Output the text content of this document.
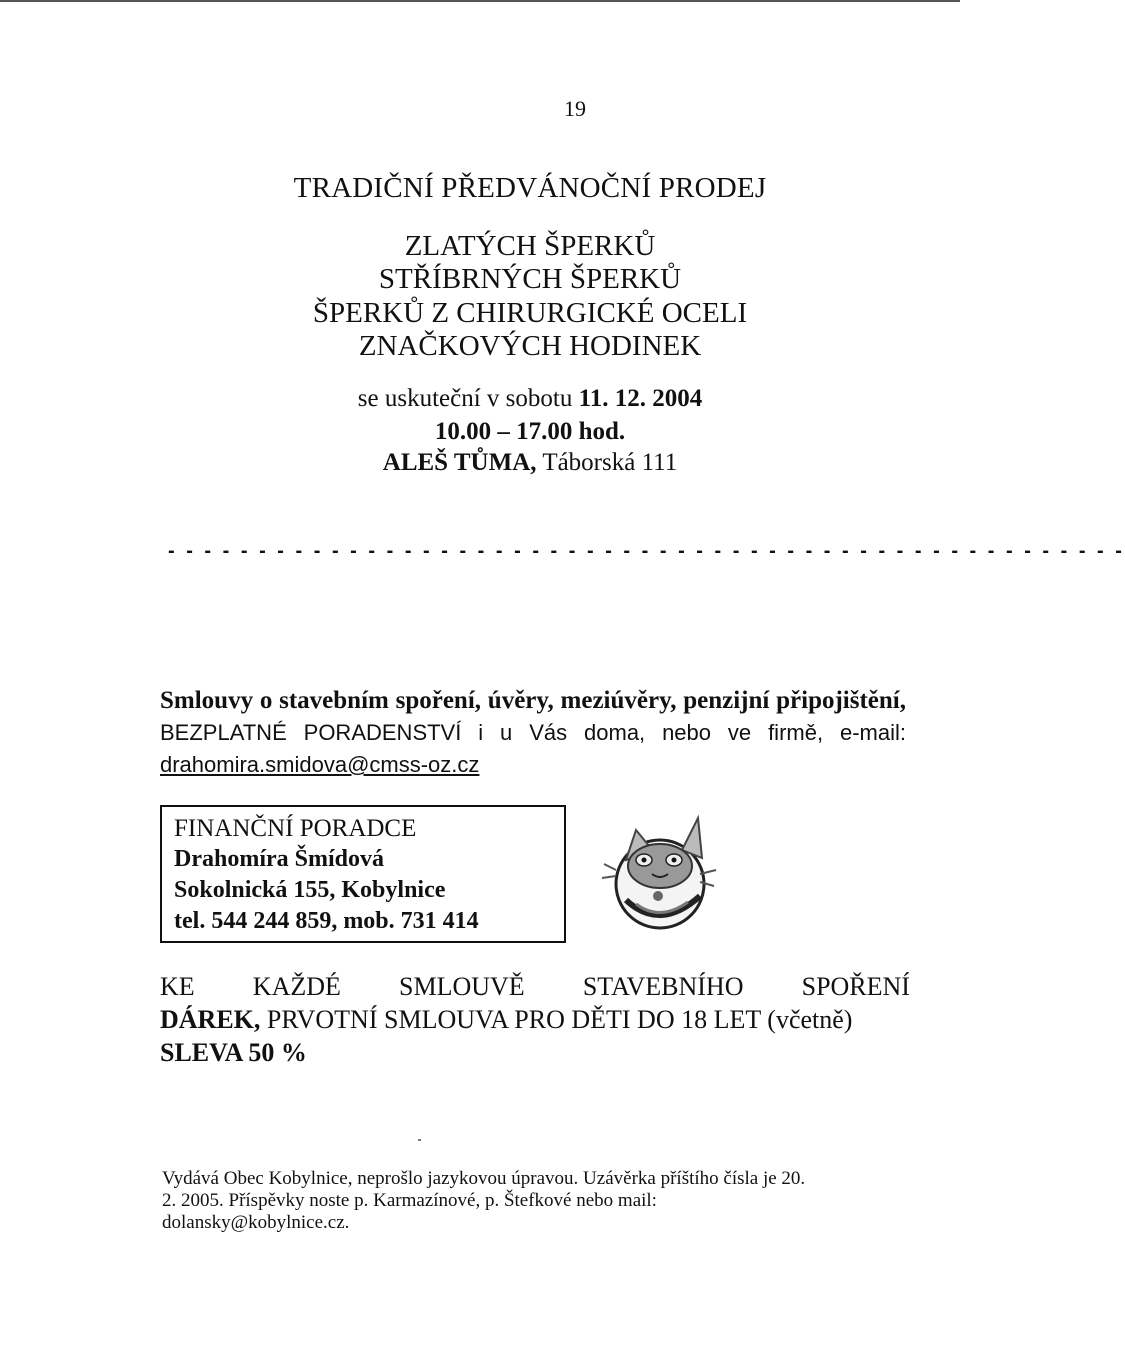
19
TRADIČNÍ PŘEDVÁNOČNÍ PRODEJ
ZLATÝCH ŠPERKŮ
STŘÍBRNÝCH ŠPERKŮ
ŠPERKŮ Z CHIRURGICKÉ OCELI
ZNAČKOVÝCH HODINEK
se uskuteční v sobotu 11. 12. 2004
10.00 – 17.00 hod.
ALEŠ TŮMA, Táborská 111
- - - - - - - - - - - - - - - - - - - - - - - - - - - - - - - - - - - - - - - - - - - - - - - - - - - - -
Smlouvy o stavebním spoření, úvěry, meziúvěry, penzijní připojištění, BEZPLATNÉ PORADENSTVÍ i u Vás doma, nebo ve firmě, e-mail: drahomira.smidova@cmss-oz.cz
FINANČNÍ PORADCE
Drahomíra Šmídová
Sokolnická 155, Kobylnice
tel. 544 244 859, mob. 731 414
KE KAŽDÉ SMLOUVĚ STAVEBNÍHO SPOŘENÍ
DÁREK, PRVOTNÍ SMLOUVA PRO DĚTI DO 18 LET (včetně)
SLEVA 50 %
Vydává Obec Kobylnice, neprošlo jazykovou úpravou. Uzávěrka příštího čísla je 20. 2. 2005. Příspěvky noste p. Karmazínové, p. Štefkové nebo mail: dolansky@kobylnice.cz.
